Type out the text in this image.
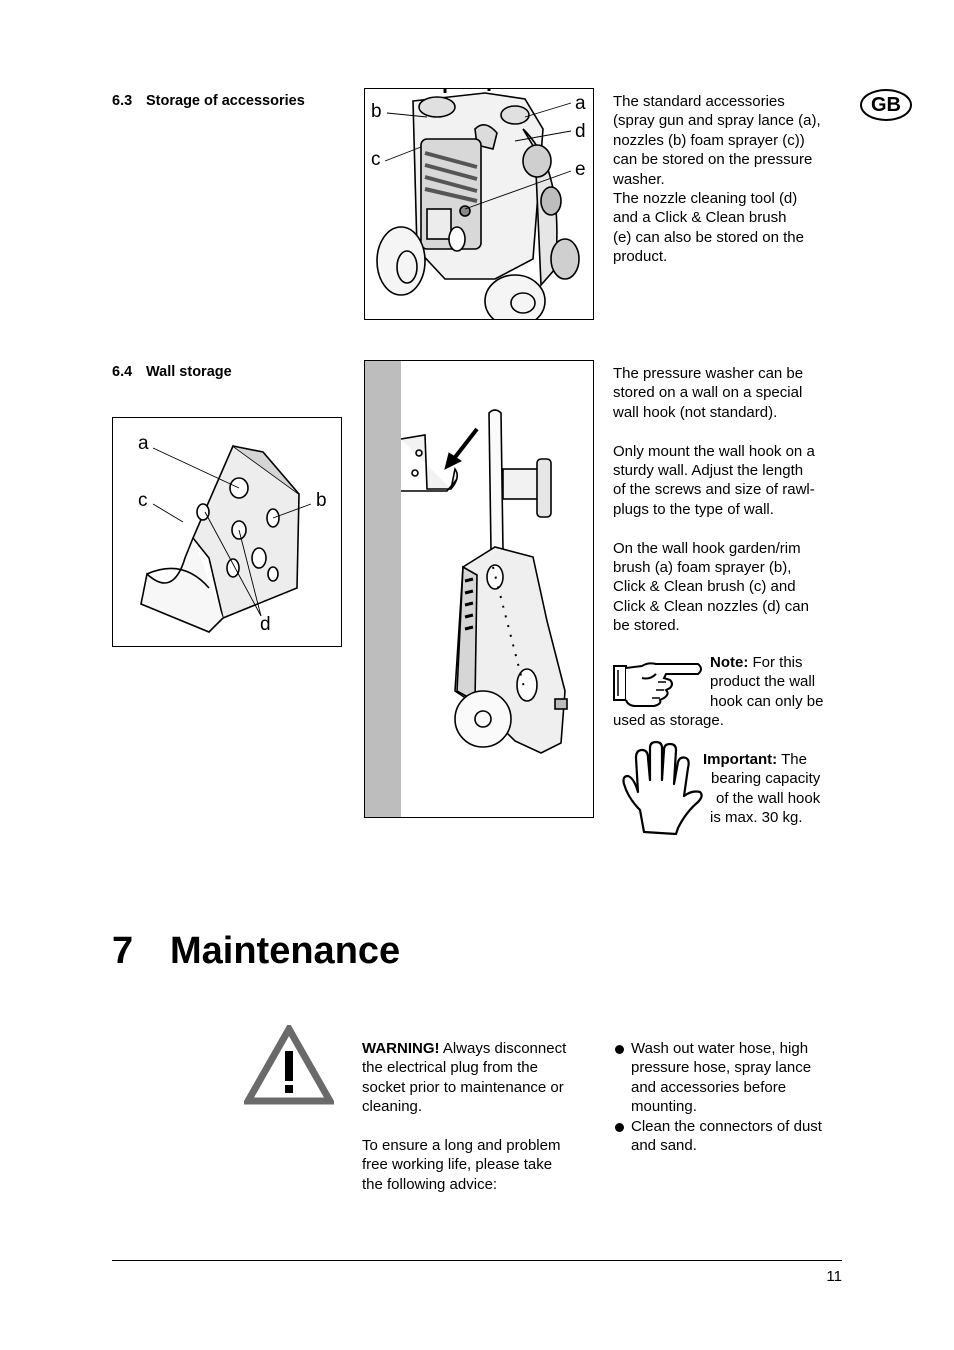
GB
6.3 Storage of accessories	b	a
d
c	e

The standard accessories

(spray gun and spray lance (a),

nozzles (b) foam sprayer (c))

can be stored on the pressure

washer.

The nozzle cleaning tool (d)

and a Click & Clean brush

(e) can also be stored on the

product.

6.4 Wall storage
a
c	b
d

The pressure washer can be

stored on a wall on a special

wall hook (not standard).

Only mount the wall hook on a

sturdy wall. Adjust the length

of the screws and size of rawl-

plugs to the type of wall.

On the wall hook garden/rim

brush (a) foam sprayer (b),

Click & Clean brush (c) and

Click & Clean nozzles (d) can

be stored.

Note: For this

product the wall

hook can only be

used as storage.

Important: The

bearing capacity

of the wall hook

is max. 30 kg.

7 Maintenance

WARNING! Always disconnect

the electrical plug from the

socket prior to maintenance or

cleaning.

To ensure a long and problem

free working life, please take

the following advice:

Wash out water hose, high

pressure hose, spray lance

and accessories before

mounting.

Clean the connectors of dust

and sand.

11
